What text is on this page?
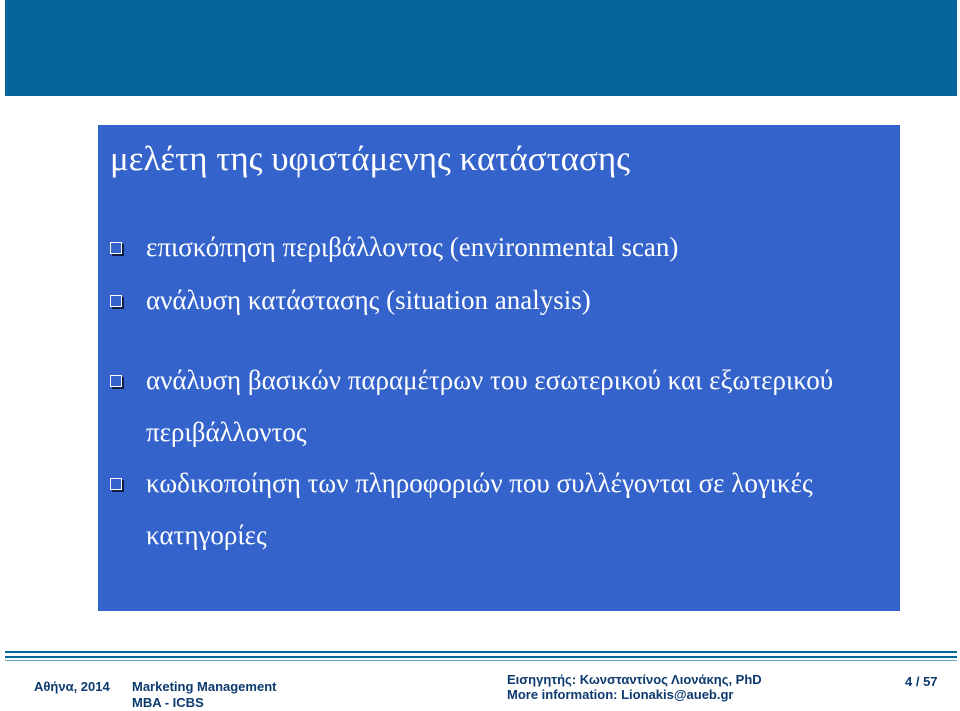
μελέτη της υφιστάμενης κατάστασης
επισκόπηση περιβάλλοντος (environmental scan)
ανάλυση κατάστασης (situation analysis)
ανάλυση βασικών παραμέτρων του εσωτερικού και εξωτερικού περιβάλλοντος
κωδικοποίηση των πληροφοριών που συλλέγονται σε λογικές κατηγορίες
Αθήνα, 2014 Marketing Management
MBA - ICBS
Εισηγητής: Κωνσταντίνος Λιονάκης, PhD
More information: Lionakis@aueb.gr
4 / 57
